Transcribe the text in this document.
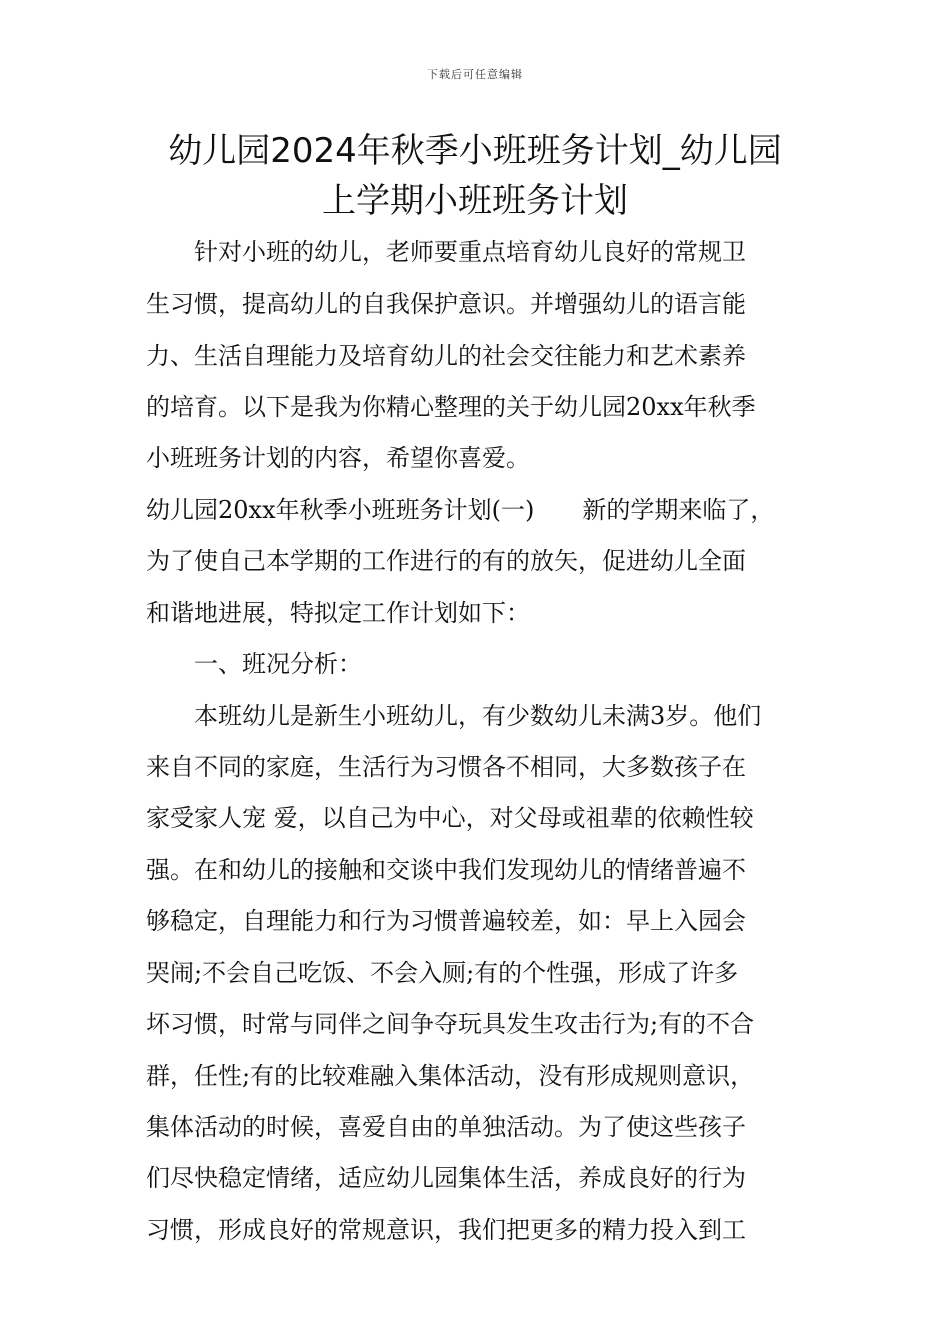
下载后可任意编辑
幼儿园2024年秋季小班班务计划_幼儿园
上学期小班班务计划
针对小班的幼儿，老师要重点培育幼儿良好的常规卫
生习惯，提高幼儿的自我保护意识。并增强幼儿的语言能
力、生活自理能力及培育幼儿的社会交往能力和艺术素养
的培育。以下是我为你精心整理的关于幼儿园20xx年秋季
小班班务计划的内容，希望你喜爱。
幼儿园20xx年秋季小班班务计划(一)　　新的学期来临了，
为了使自己本学期的工作进行的有的放矢，促进幼儿全面
和谐地进展，特拟定工作计划如下：
一、班况分析：
本班幼儿是新生小班幼儿，有少数幼儿未满3岁。他们
来自不同的家庭，生活行为习惯各不相同，大多数孩子在
家受家人宠 爱，以自己为中心，对父母或祖辈的依赖性较
强。在和幼儿的接触和交谈中我们发现幼儿的情绪普遍不
够稳定，自理能力和行为习惯普遍较差，如：早上入园会
哭闹;不会自己吃饭、不会入厕;有的个性强，形成了许多
坏习惯，时常与同伴之间争夺玩具发生攻击行为;有的不合
群，任性;有的比较难融入集体活动，没有形成规则意识，
集体活动的时候，喜爱自由的单独活动。为了使这些孩子
们尽快稳定情绪，适应幼儿园集体生活，养成良好的行为
习惯，形成良好的常规意识，我们把更多的精力投入到工
